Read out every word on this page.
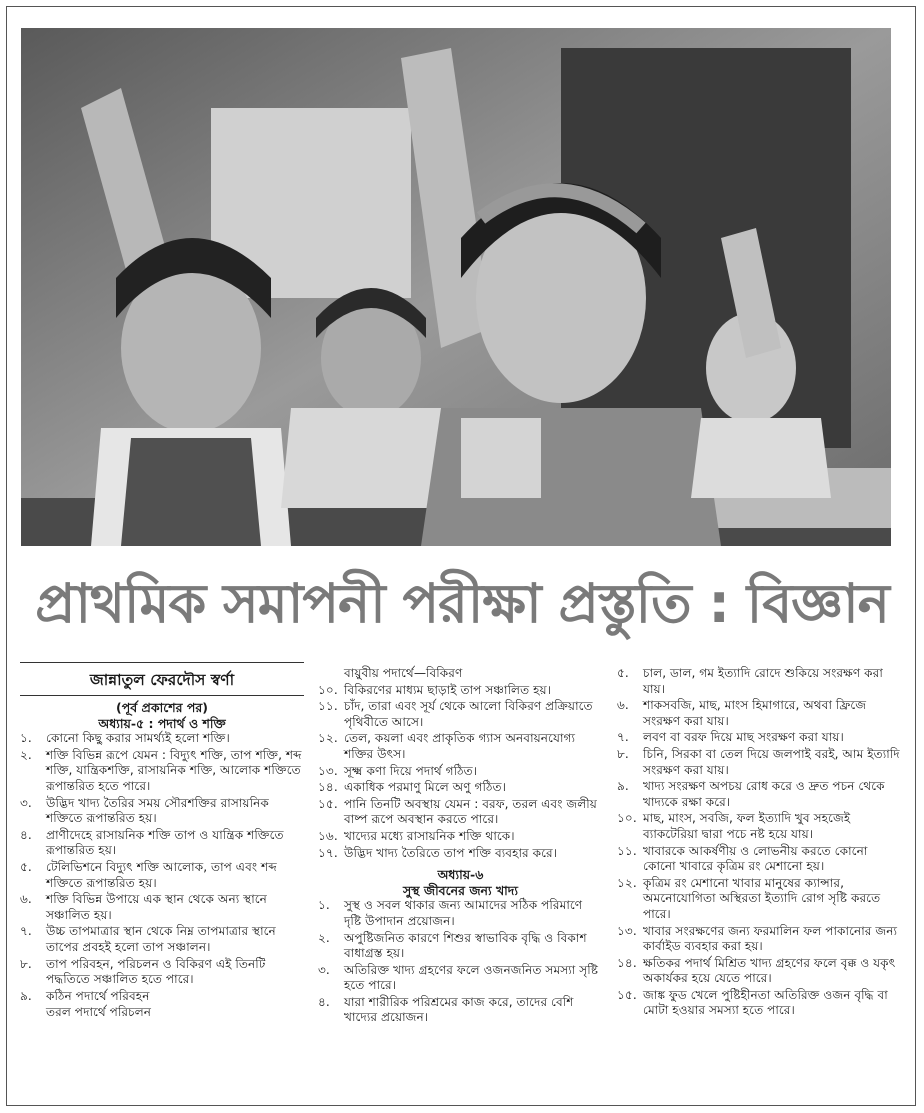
প্রাথমিক সমাপনী পরীক্ষা প্রস্তুতি : বিজ্ঞান
জান্নাতুল ফেরদৌস স্বর্ণা
(পূর্ব প্রকাশের পর)
অধ্যায়-৫ : পদার্থ ও শক্তি
১.	কোনো কিছু করার সামর্থ্যই হলো শক্তি।
২.	শক্তি বিভিন্ন রূপে যেমন : বিদ্যুৎ শক্তি, তাপ শক্তি, শব্দ শক্তি, যান্ত্রিকশক্তি, রাসায়নিক শক্তি, আলোক শক্তিতে রূপান্তরিত হতে পারে।
৩.	উদ্ভিদ খাদ্য তৈরির সময় সৌরশক্তির রাসায়নিক শক্তিতে রূপান্তরিত হয়।
৪.	প্রাণীদেহে রাসায়নিক শক্তি তাপ ও যান্ত্রিক শক্তিতে রূপান্তরিত হয়।
৫.	টেলিভিশনে বিদ্যুৎ শক্তি আলোক, তাপ এবং শব্দ শক্তিতে রূপান্তরিত হয়।
৬.	শক্তি বিভিন্ন উপায়ে এক স্থান থেকে অন্য স্থানে সঞ্চালিত হয়।
৭.	উচ্চ তাপমাত্রার স্থান থেকে নিম্ন তাপমাত্রার স্থানে তাপের প্রবহই হলো তাপ সঞ্চালন।
৮.	তাপ পরিবহন, পরিচলন ও বিকিরণ এই তিনটি পদ্ধতিতে সঞ্চালিত হতে পারে।
৯.	কঠিন পদার্থে পরিবহন
তরল পদার্থে পরিচলন
বায়ুবীয় পদার্থে—বিকিরণ
১০. বিকিরণের মাধ্যম ছাড়াই তাপ সঞ্চালিত হয়।
১১. চাঁদ, তারা এবং সূর্য থেকে আলো বিকিরণ প্রক্রিয়াতে পৃথিবীতে আসে।
১২. তেল, কয়লা এবং প্রাকৃতিক গ্যাস অনবায়নযোগ্য শক্তির উৎস।
১৩. সূক্ষ্ম কণা দিয়ে পদার্থ গঠিত।
১৪. একাধিক পরমাণু মিলে অণু গঠিত।
১৫. পানি তিনটি অবস্থায় যেমন : বরফ, তরল এবং জলীয় বাষ্প রূপে অবস্থান করতে পারে।
১৬. খাদ্যের মধ্যে রাসায়নিক শক্তি থাকে।
১৭. উদ্ভিদ খাদ্য তৈরিতে তাপ শক্তি ব্যবহার করে।
অধ্যায়-৬
সুস্থ জীবনের জন্য খাদ্য
১.	সুস্থ ও সবল থাকার জন্য আমাদের সঠিক পরিমাণে দৃষ্টি উপাদান প্রয়োজন।
২.	অপুষ্টিজনিত কারণে শিশুর স্বাভাবিক বৃদ্ধি ও বিকাশ বাধাগ্রস্ত হয়।
৩.	অতিরিক্ত খাদ্য গ্রহণের ফলে ওজনজনিত সমস্যা সৃষ্টি হতে পারে।
৪.	যারা শারীরিক পরিশ্রমের কাজ করে, তাদের বেশি খাদ্যের প্রয়োজন।
৫.	চাল, ডাল, গম ইত্যাদি রোদে শুকিয়ে সংরক্ষণ করা যায়।
৬.	শাকসবজি, মাছ, মাংস হিমাগারে, অথবা ফ্রিজে সংরক্ষণ করা যায়।
৭.	লবণ বা বরফ দিয়ে মাছ সংরক্ষণ করা যায়।
৮.	চিনি, সিরকা বা তেল দিয়ে জলপাই বরই, আম ইত্যাদি সংরক্ষণ করা যায়।
৯.	খাদ্য সংরক্ষণ অপচয় রোধ করে ও দ্রুত পচন থেকে খাদ্যকে রক্ষা করে।
১০. মাছ, মাংস, সবজি, ফল ইত্যাদি খুব সহজেই ব্যাকটেরিয়া দ্বারা পচে নষ্ট হয়ে যায়।
১১. খাবারকে আকর্ষণীয় ও লোভনীয় করতে কোনো কোনো খাবারে কৃত্রিম রং মেশানো হয়।
১২. কৃত্রিম রং মেশানো খাবার মানুষের ক্যান্সার, অমনোযোগিতা অস্থিরতা ইত্যাদি রোগ সৃষ্টি করতে পারে।
১৩. খাবার সংরক্ষণের জন্য ফরমালিন ফল পাকানোর জন্য কার্বাইড ব্যবহার করা হয়।
১৪. ক্ষতিকর পদার্থ মিশ্রিত খাদ্য গ্রহণের ফলে বৃক্ক ও যকৃৎ অকার্যকর হয়ে যেতে পারে।
১৫. জাঙ্ক ফুড খেলে পুষ্টিহীনতা অতিরিক্ত ওজন বৃদ্ধি বা মোটা হওয়ার সমস্যা হতে পারে।
